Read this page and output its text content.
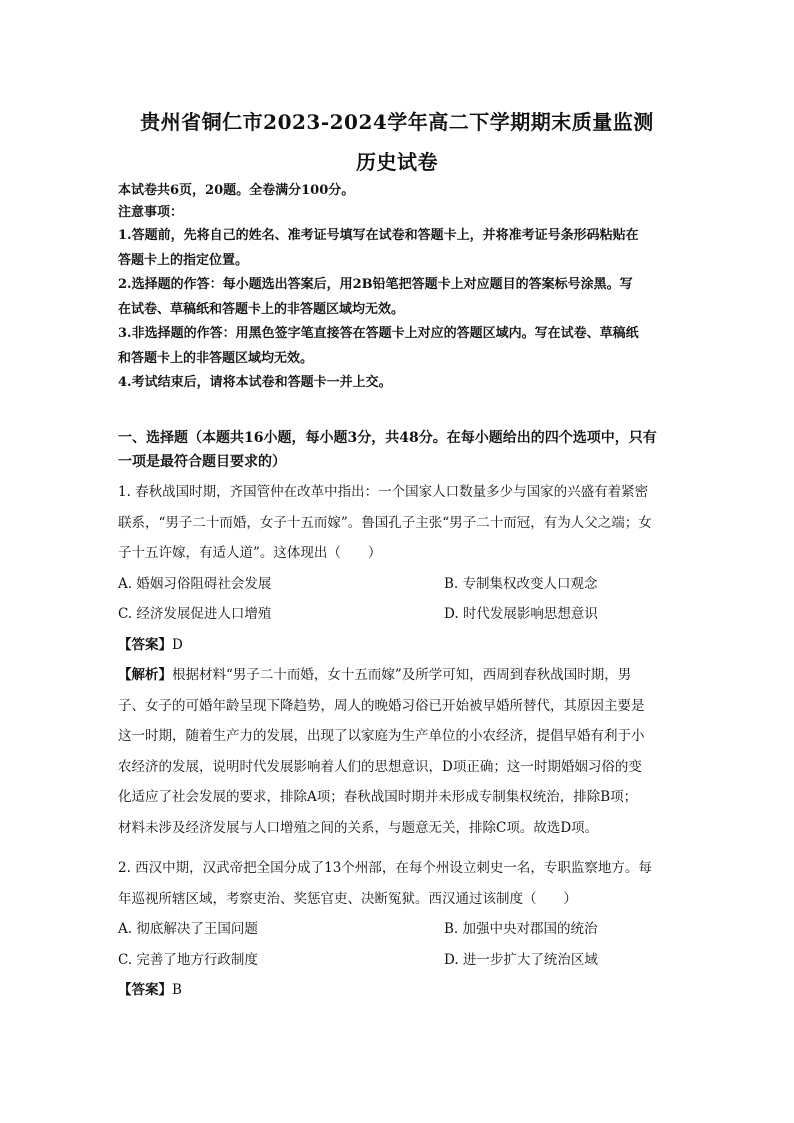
贵州省铜仁市2023-2024学年高二下学期期末质量监测
历史试卷
本试卷共6页，20题。全卷满分100分。
注意事项：
1.答题前，先将自己的姓名、准考证号填写在试卷和答题卡上，并将准考证号条形码粘贴在
答题卡上的指定位置。
2.选择题的作答：每小题选出答案后，用2B铅笔把答题卡上对应题目的答案标号涂黑。写
在试卷、草稿纸和答题卡上的非答题区域均无效。
3.非选择题的作答：用黑色签字笔直接答在答题卡上对应的答题区域内。写在试卷、草稿纸
和答题卡上的非答题区域均无效。
4.考试结束后，请将本试卷和答题卡一并上交。
一、选择题（本题共16小题，每小题3分，共48分。在每小题给出的四个选项中，只有
一项是最符合题目要求的）
1. 春秋战国时期，齐国管仲在改革中指出：一个国家人口数量多少与国家的兴盛有着紧密
联系，“男子二十而婚，女子十五而嫁”。鲁国孔子主张“男子二十而冠，有为人父之端；女
子十五许嫁，有适人道”。这体现出（　　）
A. 婚姻习俗阻碍社会发展	B. 专制集权改变人口观念
C. 经济发展促进人口增殖	D. 时代发展影响思想意识
【答案】D
【解析】根据材料“男子二十而婚，女十五而嫁”及所学可知，西周到春秋战国时期，男
子、女子的可婚年龄呈现下降趋势，周人的晚婚习俗已开始被早婚所替代，其原因主要是
这一时期，随着生产力的发展，出现了以家庭为生产单位的小农经济，提倡早婚有利于小
农经济的发展，说明时代发展影响着人们的思想意识，D项正确；这一时期婚姻习俗的变
化适应了社会发展的要求，排除A项；春秋战国时期并未形成专制集权统治，排除B项；
材料未涉及经济发展与人口增殖之间的关系，与题意无关，排除C项。故选D项。
2. 西汉中期，汉武帝把全国分成了13个州部，在每个州设立刺史一名，专职监察地方。每
年巡视所辖区域，考察吏治、奖惩官吏、决断冤狱。西汉通过该制度（　　）
A. 彻底解决了王国问题	B. 加强中央对郡国的统治
C. 完善了地方行政制度	D. 进一步扩大了统治区域
【答案】B
